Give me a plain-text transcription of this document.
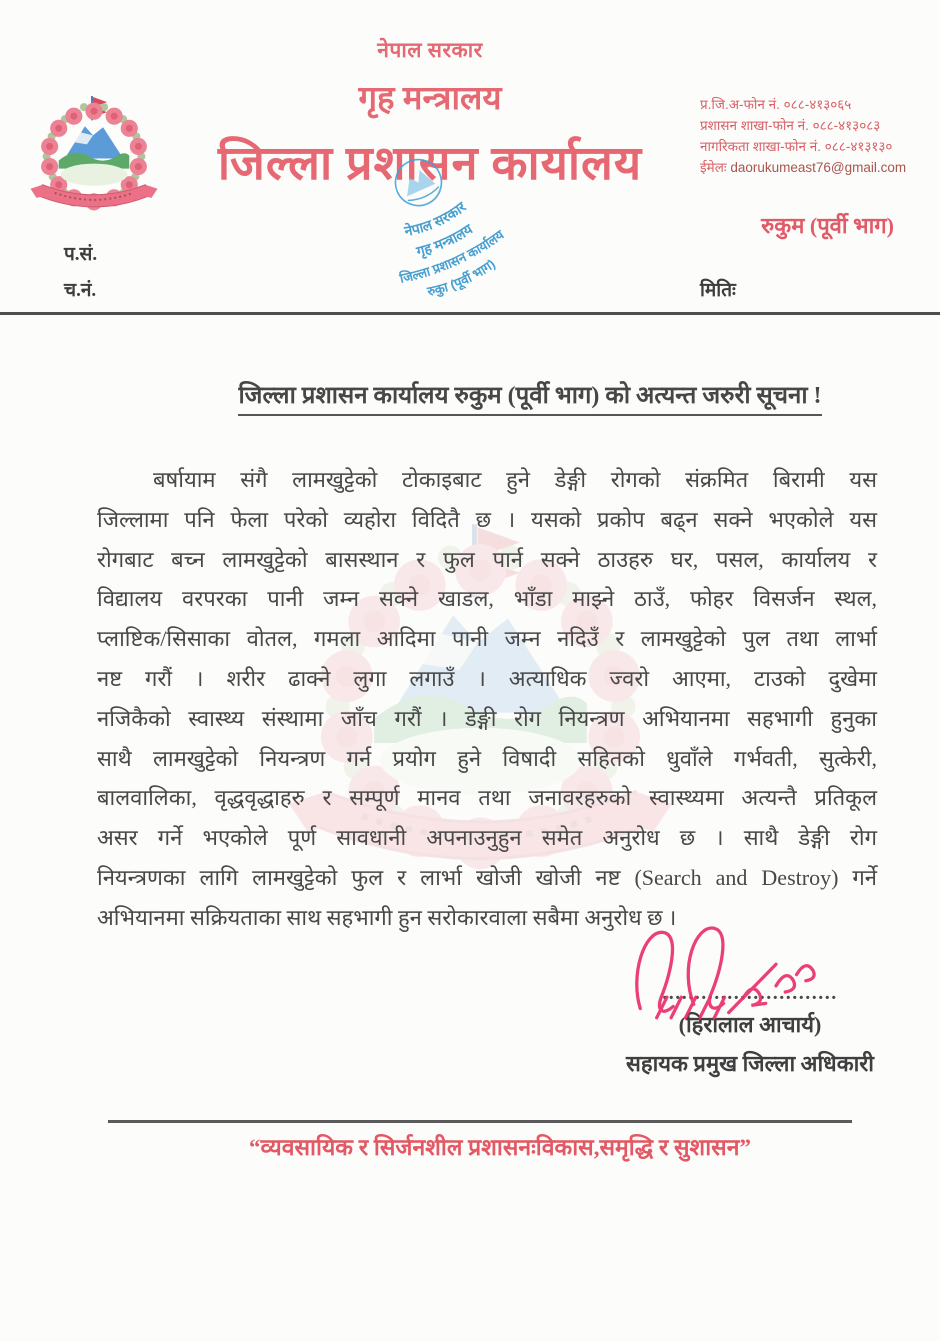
नेपाल सरकार
गृह मन्त्रालय
जिल्ला प्रशासन कार्यालय
प्र.जि.अ-फोन नं. ०८८-४१३०६५
प्रशासन शाखा-फोन नं. ०८८-४१३०८३
नागरिकता शाखा-फोन नं. ०८८-४१३१३०
ईमेलः daorukumeast76@gmail.com
रुकुम (पूर्वी भाग)
प.सं.
च.नं.	मितिः
नेपाल सरकार
गृह मन्त्रालय
जिल्ला प्रशासन कार्यालय
रुकुा (पूर्वी भाग)
जिल्ला प्रशासन कार्यालय रुकुम (पूर्वी भाग) को अत्यन्त जरुरी सूचना !
बर्षायाम संगै लामखुट्टेको टोकाइबाट हुने डेङ्गी रोगको संक्रमित बिरामी यस
जिल्लामा पनि फेला परेको व्यहोरा विदितै छ । यसको प्रकोप बढ्न सक्ने भएकोले यस
रोगबाट बच्न लामखुट्टेको बासस्थान र फुल पार्न सक्ने ठाउहरु घर, पसल, कार्यालय र
विद्यालय वरपरका पानी जम्न सक्ने खाडल, भाँडा माझ्ने ठाउँ, फोहर विसर्जन स्थल,
प्लाष्टिक/सिसाका वोतल, गमला आदिमा पानी जम्न नदिउँ र लामखुट्टेको पुल तथा लार्भा
नष्ट गरौं । शरीर ढाक्ने लुगा लगाउँ । अत्याधिक ज्वरो आएमा, टाउको दुखेमा
नजिकैको स्वास्थ्य संस्थामा जाँच गरौं । डेङ्गी रोग नियन्त्रण अभियानमा सहभागी हुनुका
साथै लामखुट्टेको नियन्त्रण गर्न प्रयोग हुने विषादी सहितको धुवाँले गर्भवती, सुत्केरी,
बालवालिका, वृद्धवृद्धाहरु र सम्पूर्ण मानव तथा जनावरहरुको स्वास्थ्यमा अत्यन्तै प्रतिकूल
असर गर्ने भएकोले पूर्ण सावधानी अपनाउनुहुन समेत अनुरोध छ । साथै डेङ्गी रोग
नियन्त्रणका लागि लामखुट्टेको फुल र लार्भा खोजी खोजी नष्ट (Search and Destroy) गर्ने
अभियानमा सक्रियताका साथ सहभागी हुन सरोकारवाला सबैमा अनुरोध छ ।
...........................
(हिरालाल आचार्य)
सहायक प्रमुख जिल्ला अधिकारी
“व्यवसायिक र सिर्जनशील प्रशासनःविकास,समृद्धि र सुशासन”
